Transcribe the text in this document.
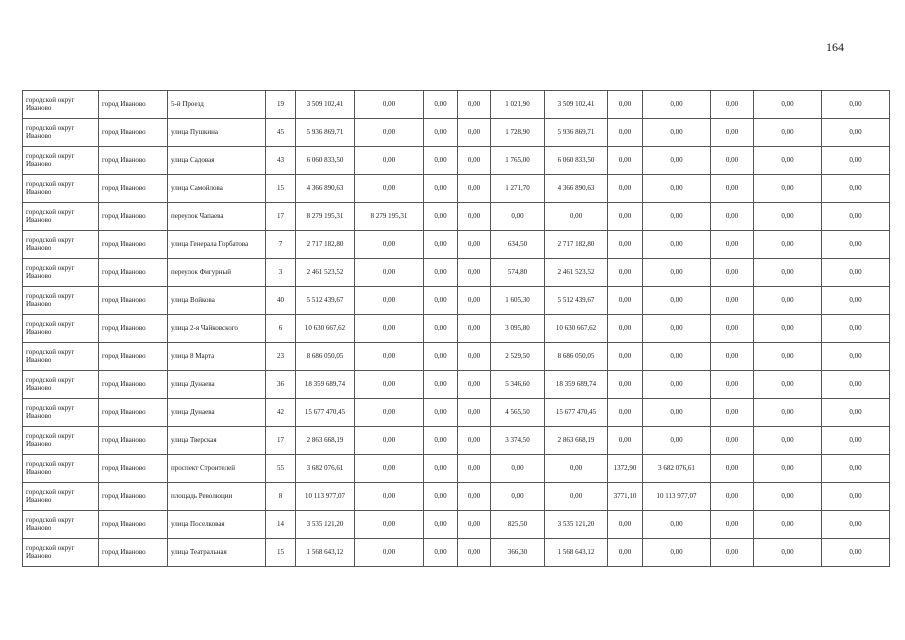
164
городской округ Иваново	город Иваново	5-й Проезд	19	3 509 102,41	0,00	0,00	0,00	1 021,90	3 509 102,41	0,00	0,00	0,00	0,00	0,00
городской округ Иваново	город Иваново	улица Пушкина	45	5 936 869,71	0,00	0,00	0,00	1 728,90	5 936 869,71	0,00	0,00	0,00	0,00	0,00
городской округ Иваново	город Иваново	улица Садовая	43	6 060 833,50	0,00	0,00	0,00	1 765,00	6 060 833,50	0,00	0,00	0,00	0,00	0,00
городской округ Иваново	город Иваново	улица Самойлова	15	4 366 890,63	0,00	0,00	0,00	1 271,70	4 366 890,63	0,00	0,00	0,00	0,00	0,00
городской округ Иваново	город Иваново	переулок Чапаева	17	8 279 195,31	8 279 195,31	0,00	0,00	0,00	0,00	0,00	0,00	0,00	0,00	0,00
городской округ Иваново	город Иваново	улица Генерала Горбатова	7	2 717 182,80	0,00	0,00	0,00	634,50	2 717 182,80	0,00	0,00	0,00	0,00	0,00
городской округ Иваново	город Иваново	переулок Фигурный	3	2 461 523,52	0,00	0,00	0,00	574,80	2 461 523,52	0,00	0,00	0,00	0,00	0,00
городской округ Иваново	город Иваново	улица Войкова	40	5 512 439,67	0,00	0,00	0,00	1 605,30	5 512 439,67	0,00	0,00	0,00	0,00	0,00
городской округ Иваново	город Иваново	улица 2-я Чайковского	6	10 630 667,62	0,00	0,00	0,00	3 095,80	10 630 667,62	0,00	0,00	0,00	0,00	0,00
городской округ Иваново	город Иваново	улица 8 Марта	23	8 686 050,05	0,00	0,00	0,00	2 529,50	8 686 050,05	0,00	0,00	0,00	0,00	0,00
городской округ Иваново	город Иваново	улица Дунаева	36	18 359 689,74	0,00	0,00	0,00	5 346,60	18 359 689,74	0,00	0,00	0,00	0,00	0,00
городской округ Иваново	город Иваново	улица Дунаева	42	15 677 470,45	0,00	0,00	0,00	4 565,50	15 677 470,45	0,00	0,00	0,00	0,00	0,00
городской округ Иваново	город Иваново	улица Тверская	17	2 863 668,19	0,00	0,00	0,00	3 374,50	2 863 668,19	0,00	0,00	0,00	0,00	0,00
городской округ Иваново	город Иваново	проспект Строителей	55	3 682 076,61	0,00	0,00	0,00	0,00	0,00	1372,90	3 682 076,61	0,00	0,00	0,00
городской округ Иваново	город Иваново	площадь Революции	8	10 113 977,07	0,00	0,00	0,00	0,00	0,00	3771,10	10 113 977,07	0,00	0,00	0,00
городской округ Иваново	город Иваново	улица Поселковая	14	3 535 121,20	0,00	0,00	0,00	825,50	3 535 121,20	0,00	0,00	0,00	0,00	0,00
городской округ Иваново	город Иваново	улица Театральная	15	1 568 643,12	0,00	0,00	0,00	366,30	1 568 643,12	0,00	0,00	0,00	0,00	0,00
